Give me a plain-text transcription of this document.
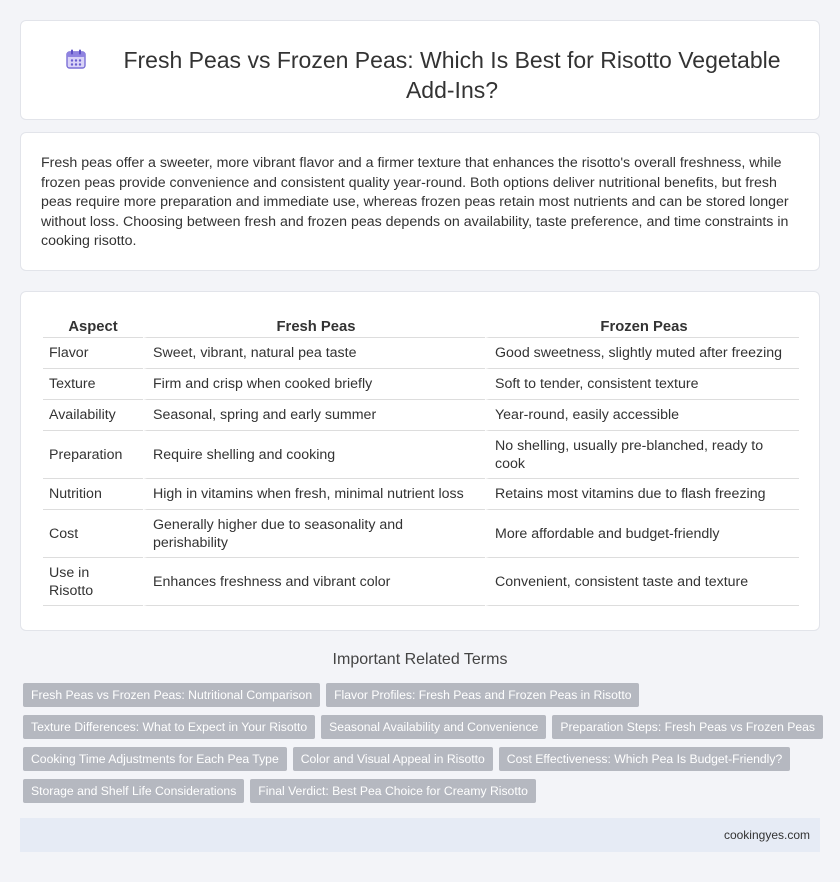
Fresh Peas vs Frozen Peas: Which Is Best for Risotto Vegetable Add-Ins?

Fresh peas offer a sweeter, more vibrant flavor and a firmer texture that enhances the risotto's overall freshness, while frozen peas provide convenience and consistent quality year-round. Both options deliver nutritional benefits, but fresh peas require more preparation and immediate use, whereas frozen peas retain most nutrients and can be stored longer without loss. Choosing between fresh and frozen peas depends on availability, taste preference, and time constraints in cooking risotto.

Aspect	Fresh Peas	Frozen Peas
Flavor	Sweet, vibrant, natural pea taste	Good sweetness, slightly muted after freezing
Texture	Firm and crisp when cooked briefly	Soft to tender, consistent texture
Availability	Seasonal, spring and early summer	Year-round, easily accessible
Preparation	Require shelling and cooking	No shelling, usually pre-blanched, ready to cook
Nutrition	High in vitamins when fresh, minimal nutrient loss	Retains most vitamins due to flash freezing
Cost	Generally higher due to seasonality and perishability	More affordable and budget-friendly
Use in Risotto	Enhances freshness and vibrant color	Convenient, consistent taste and texture
Important Related Terms
Fresh Peas vs Frozen Peas: Nutritional Comparison Flavor Profiles: Fresh Peas and Frozen Peas in Risotto
Texture Differences: What to Expect in Your Risotto Seasonal Availability and Convenience Preparation Steps: Fresh Peas vs Frozen Peas
Cooking Time Adjustments for Each Pea Type Color and Visual Appeal in Risotto Cost Effectiveness: Which Pea Is Budget-Friendly?
Storage and Shelf Life Considerations Final Verdict: Best Pea Choice for Creamy Risotto
cookingyes.com
